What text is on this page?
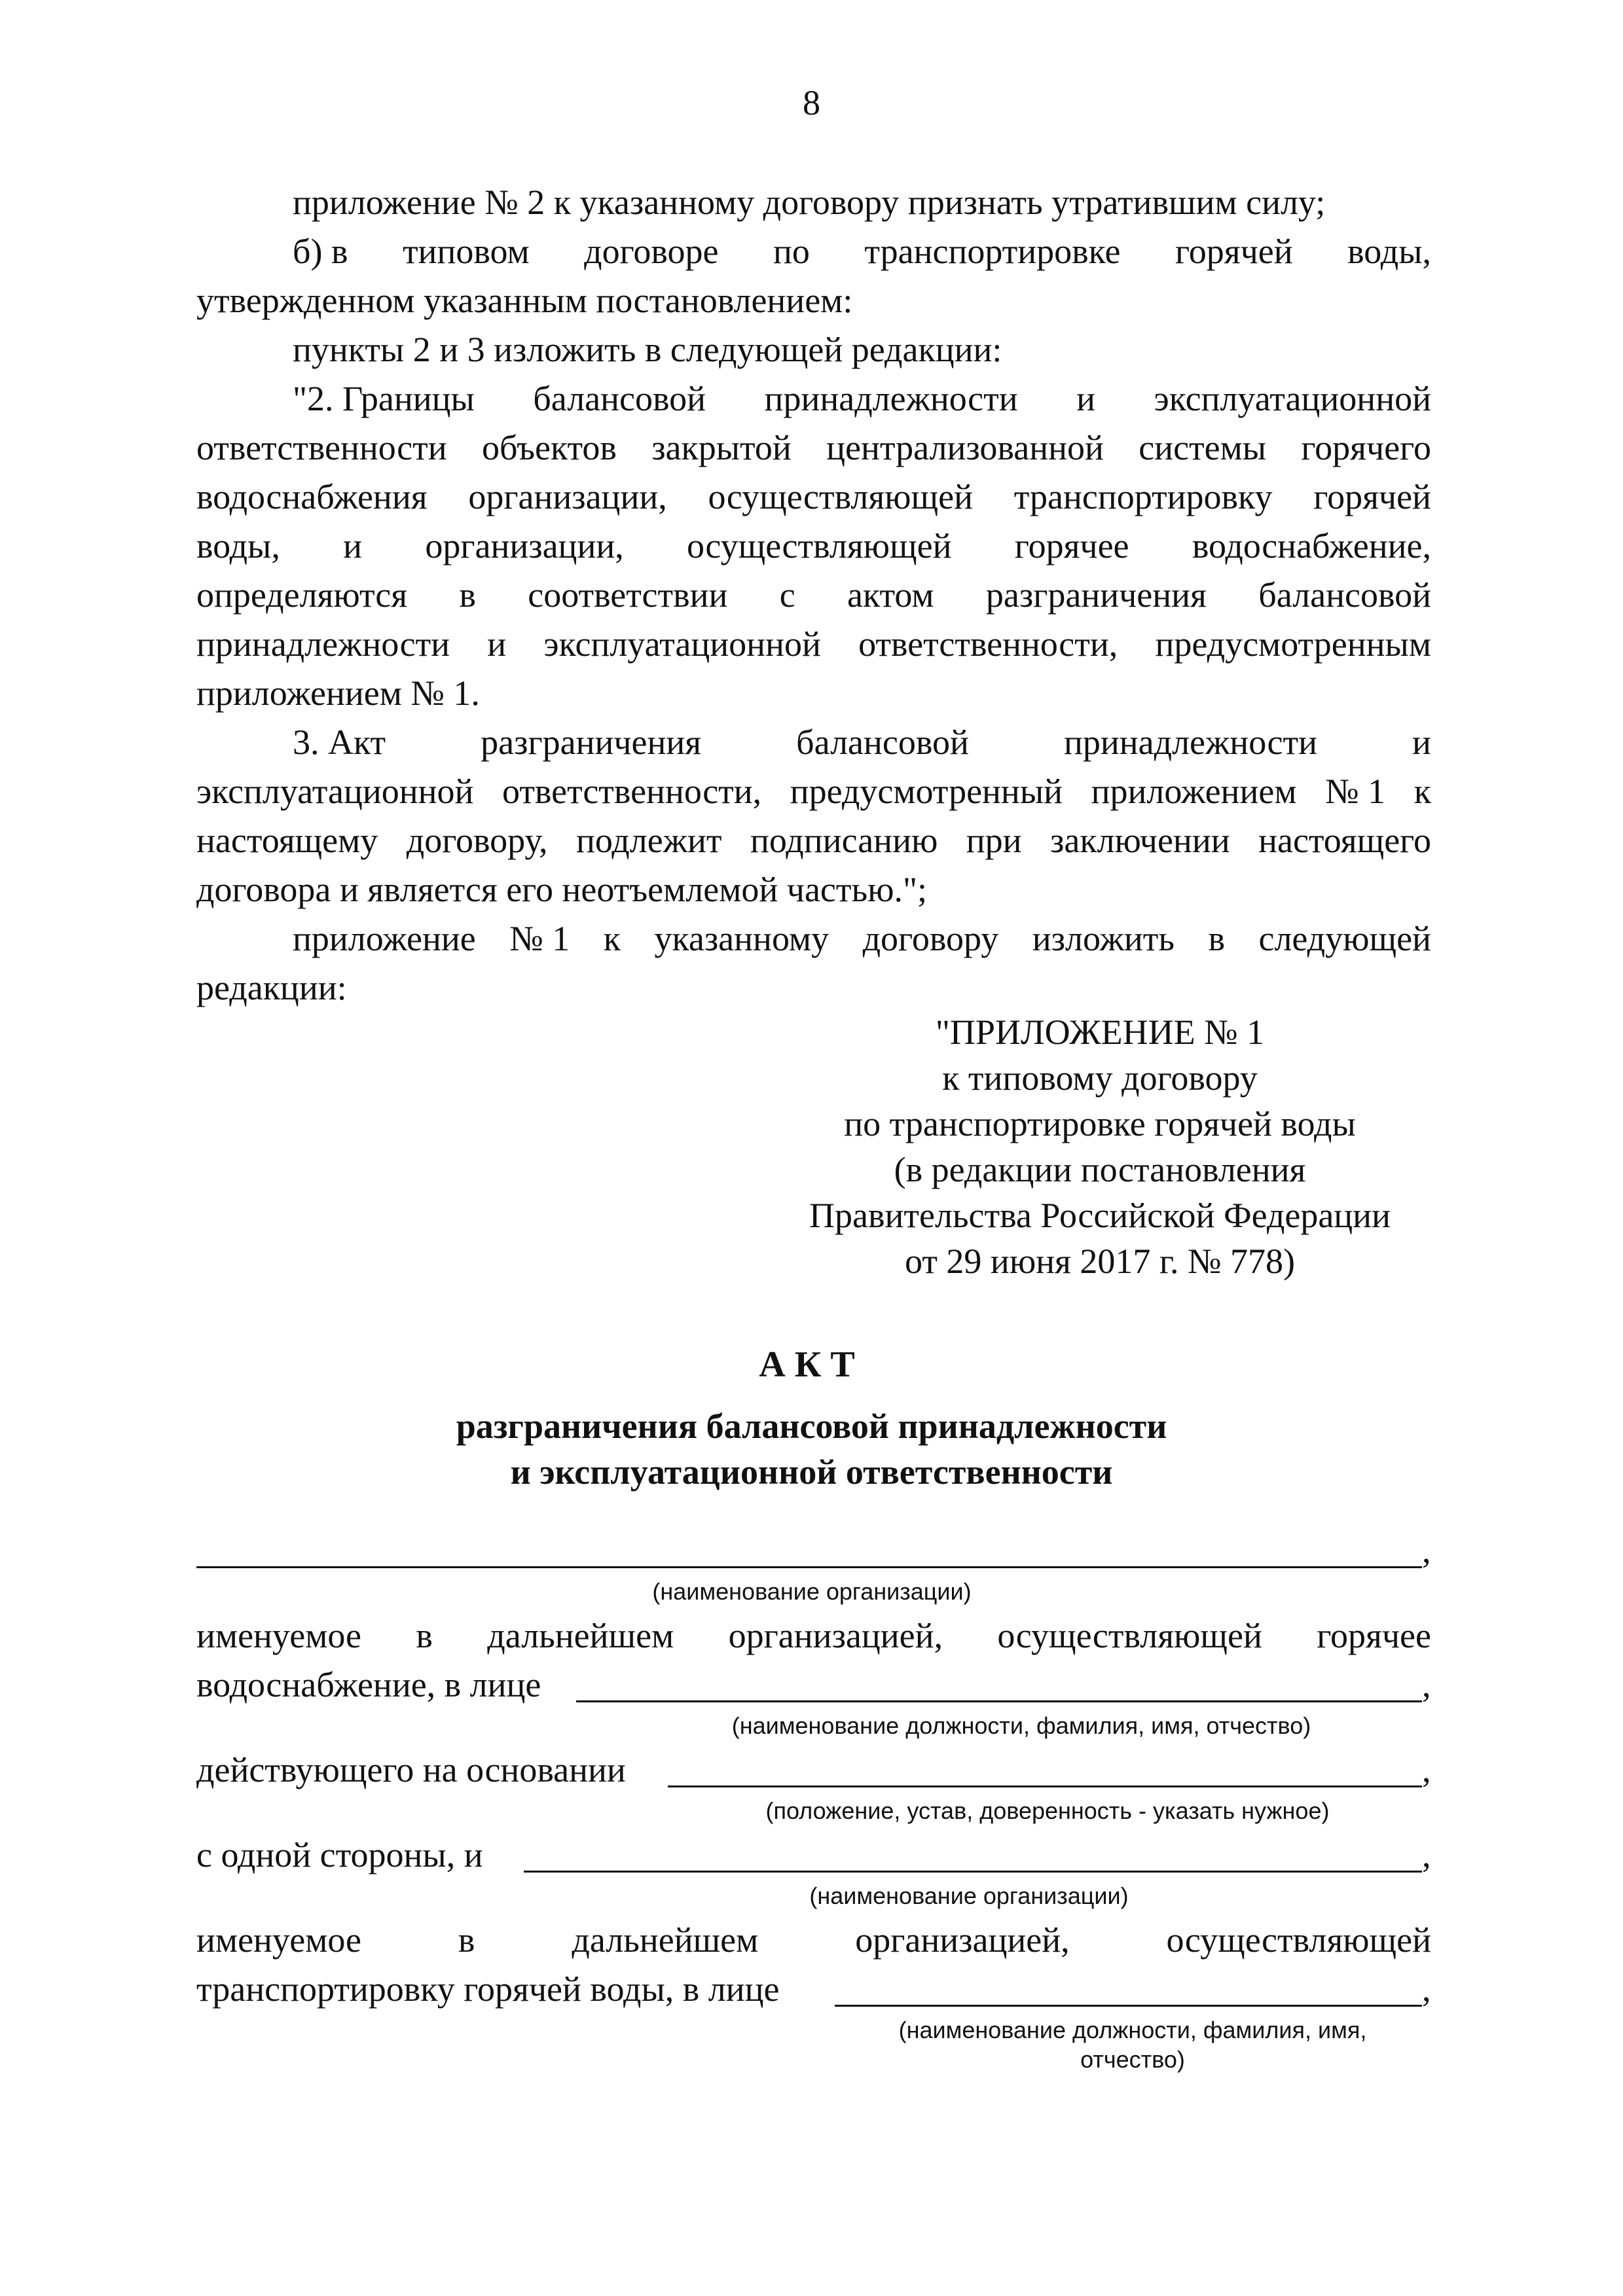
8
приложение № 2 к указанному договору признать утратившим силу;
б) в типовом договоре по транспортировке горячей воды,
утвержденном указанным постановлением:
пункты 2 и 3 изложить в следующей редакции:
"2. Границы балансовой принадлежности и эксплуатационной
ответственности объектов закрытой централизованной системы горячего
водоснабжения организации, осуществляющей транспортировку горячей
воды, и организации, осуществляющей горячее водоснабжение,
определяются в соответствии с актом разграничения балансовой
принадлежности и эксплуатационной ответственности, предусмотренным
приложением № 1.
3. Акт	разграничения	балансовой	принадлежности	и
эксплуатационной ответственности, предусмотренный приложением № 1 к
настоящему договору, подлежит подписанию при заключении настоящего
договора и является его неотъемлемой частью.";
приложение № 1 к указанному договору изложить в следующей
редакции:
"ПРИЛОЖЕНИЕ № 1
к типовому договору
по транспортировке горячей воды
(в редакции постановления
Правительства Российской Федерации
от 29 июня 2017 г. № 778)
АКТ
разграничения балансовой принадлежности
и эксплуатационной ответственности
,
(наименование организации)
именуемое в дальнейшем организацией, осуществляющей горячее
водоснабжение, в лице	,
(наименование должности, фамилия, имя, отчество)
действующего на основании	,
(положение, устав, доверенность - указать нужное)
с одной стороны, и	,
(наименование организации)
именуемое	в	дальнейшем	организацией,	осуществляющей
транспортировку горячей воды, в лице	,
(наименование должности, фамилия, имя,
отчество)
